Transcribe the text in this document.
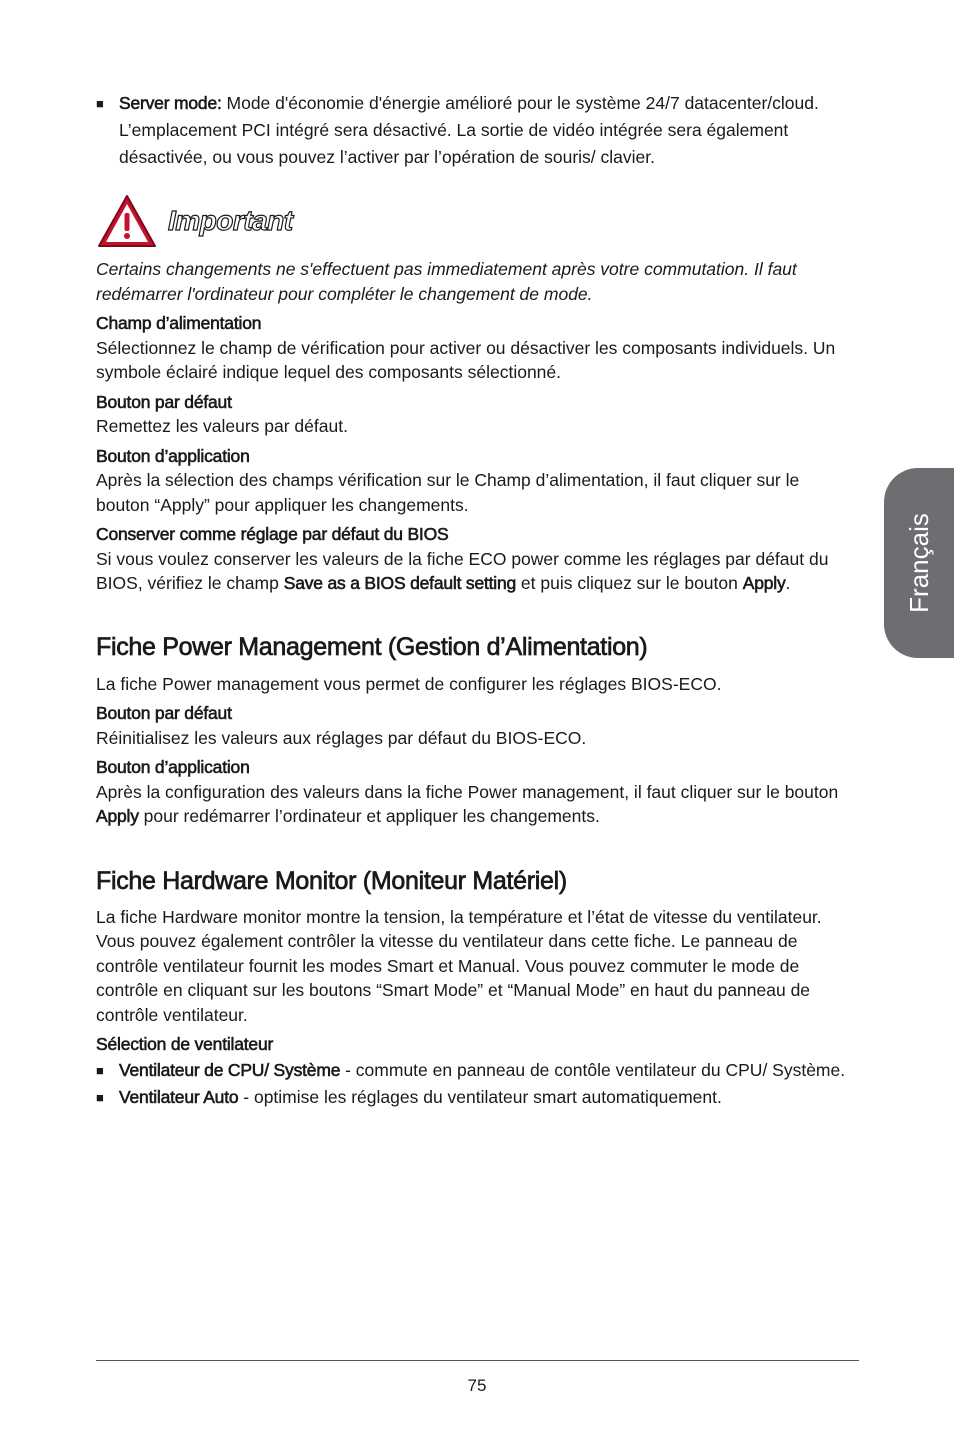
Français
■ Server mode: Mode d'économie d'énergie amélioré pour le système 24/7 datacenter/cloud. L’emplacement PCI intégré sera désactivé. La sortie de vidéo intégrée sera également désactivée, ou vous pouvez l’activer par l’opération de souris/ clavier.

Important

Certains changements ne s'effectuent pas immediatement après votre commutation. Il faut redémarrer l'ordinateur pour compléter le changement de mode.

Champ d’alimentation

Sélectionnez le champ de vérification pour activer ou désactiver les composants individuels. Un symbole éclairé indique lequel des composants sélectionné.

Bouton par défaut

Remettez les valeurs par défaut.

Bouton d’application

Après la sélection des champs vérification sur le Champ d’alimentation, il faut cliquer sur le bouton “Apply” pour appliquer les changements.

Conserver comme réglage par défaut du BIOS

Si vous voulez conserver les valeurs de la fiche ECO power comme les réglages par défaut du BIOS, vérifiez le champ Save as a BIOS default setting et puis cliquez sur le bouton Apply.

Fiche Power Management (Gestion d’Alimentation)

La fiche Power management vous permet de configurer les réglages BIOS-ECO.

Bouton par défaut

Réinitialisez les valeurs aux réglages par défaut du BIOS-ECO.

Bouton d’application

Après la configuration des valeurs dans la fiche Power management, il faut cliquer sur le bouton Apply pour redémarrer l’ordinateur et appliquer les changements.

Fiche Hardware Monitor (Moniteur Matériel)

La fiche Hardware monitor montre la tension, la température et l’état de vitesse du ventilateur. Vous pouvez également contrôler la vitesse du ventilateur dans cette fiche. Le panneau de contrôle ventilateur fournit les modes Smart et Manual. Vous pouvez commuter le mode de contrôle en cliquant sur les boutons “Smart Mode” et “Manual Mode” en haut du panneau de contrôle ventilateur.

Sélection de ventilateur

■ Ventilateur de CPU/ Système - commute en panneau de contôle ventilateur du CPU/ Système.

■ Ventilateur Auto - optimise les réglages du ventilateur smart automatiquement.

75
